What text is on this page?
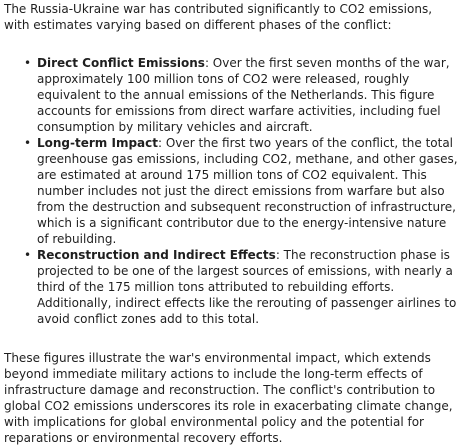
The Russia-Ukraine war has contributed significantly to CO2 emissions, with estimates varying based on different phases of the conflict:

• Direct Conflict Emissions: Over the first seven months of the war, approximately 100 million tons of CO2 were released, roughly equivalent to the annual emissions of the Netherlands. This figure accounts for emissions from direct warfare activities, including fuel consumption by military vehicles and aircraft.
• Long-term Impact: Over the first two years of the conflict, the total greenhouse gas emissions, including CO2, methane, and other gases, are estimated at around 175 million tons of CO2 equivalent. This number includes not just the direct emissions from warfare but also from the destruction and subsequent reconstruction of infrastructure, which is a significant contributor due to the energy-intensive nature of rebuilding.
• Reconstruction and Indirect Effects: The reconstruction phase is projected to be one of the largest sources of emissions, with nearly a third of the 175 million tons attributed to rebuilding efforts. Additionally, indirect effects like the rerouting of passenger airlines to avoid conflict zones add to this total.

These figures illustrate the war's environmental impact, which extends beyond immediate military actions to include the long-term effects of infrastructure damage and reconstruction. The conflict's contribution to global CO2 emissions underscores its role in exacerbating climate change, with implications for global environmental policy and the potential for reparations or environmental recovery efforts.
